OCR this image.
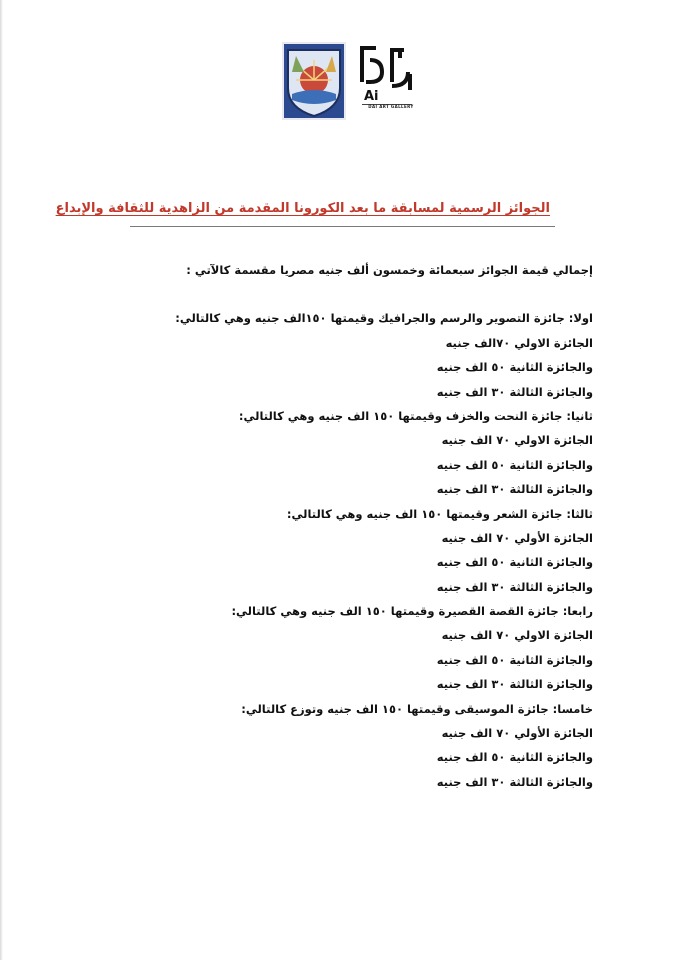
Ai
DAI ART GALLERY
الجوائز الرسمية لمسابقة ما بعد الكورونا المقدمة من الزاهدية للثقافة والإبداع
إجمالي قيمة الجوائز سبعمائة وخمسون ألف جنيه مصريا مقسمة كالآتي :
اولا: جائزة التصوير والرسم والجرافيك وقيمتها ١٥٠الف جنيه وهي كالتالي:
الجائزة الاولي ٧٠الف جنيه
والجائزة الثانية ٥٠ الف جنيه
والجائزة الثالثة ٣٠ الف جنيه
ثانيا: جائزة النحت والخزف وقيمتها ١٥٠ الف جنيه وهي كالتالي:
الجائزة الاولي ٧٠ الف جنيه
والجائزة الثانية ٥٠ الف جنيه
والجائزة الثالثة ٣٠ الف جنيه
ثالثا: جائزة الشعر وقيمتها ١٥٠ الف جنيه وهي كالتالي:
الجائزة الأولي ٧٠ الف جنيه
والجائزة الثانية ٥٠ الف جنيه
والجائزة الثالثة ٣٠ الف جنيه
رابعا: جائزة القصة القصيرة وقيمتها ١٥٠ الف جنيه وهي كالتالي:
الجائزة الاولي ٧٠ الف جنيه
والجائزة الثانية ٥٠ الف جنيه
والجائزة الثالثة ٣٠ الف جنيه
خامسا: جائزة الموسيقى وقيمتها ١٥٠ الف جنيه وتوزع كالتالي:
الجائزة الأولي ٧٠ الف جنيه
والجائزة الثانية ٥٠ الف جنيه
والجائزة الثالثة ٣٠ الف جنيه
